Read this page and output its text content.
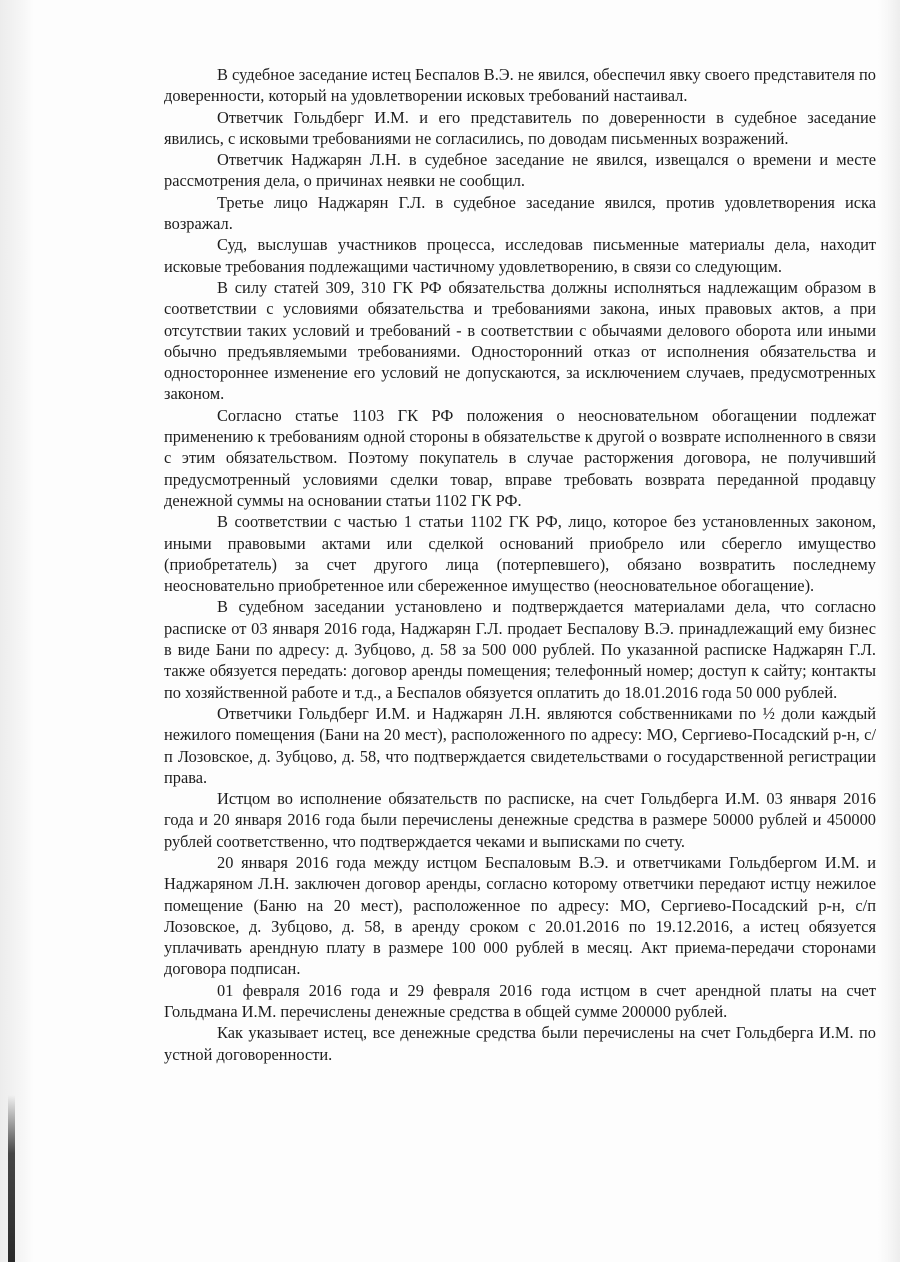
В судебное заседание истец Беспалов В.Э. не явился, обеспечил явку своего представителя по доверенности, который на удовлетворении исковых требований настаивал.

Ответчик Гольдберг И.М. и его представитель по доверенности в судебное заседание явились, с исковыми требованиями не согласились, по доводам письменных возражений.

Ответчик Наджарян Л.Н. в судебное заседание не явился, извещался о времени и месте рассмотрения дела, о причинах неявки не сообщил.

Третье лицо Наджарян Г.Л. в судебное заседание явился, против удовлетворения иска возражал.

Суд, выслушав участников процесса, исследовав письменные материалы дела, находит исковые требования подлежащими частичному удовлетворению, в связи со следующим.

В силу статей 309, 310 ГК РФ обязательства должны исполняться надлежащим образом в соответствии с условиями обязательства и требованиями закона, иных правовых актов, а при отсутствии таких условий и требований - в соответствии с обычаями делового оборота или иными обычно предъявляемыми требованиями. Односторонний отказ от исполнения обязательства и одностороннее изменение его условий не допускаются, за исключением случаев, предусмотренных законом.

Согласно статье 1103 ГК РФ положения о неосновательном обогащении подлежат применению к требованиям одной стороны в обязательстве к другой о возврате исполненного в связи с этим обязательством. Поэтому покупатель в случае расторжения договора, не получивший предусмотренный условиями сделки товар, вправе требовать возврата переданной продавцу денежной суммы на основании статьи 1102 ГК РФ.

В соответствии с частью 1 статьи 1102 ГК РФ, лицо, которое без установленных законом, иными правовыми актами или сделкой оснований приобрело или сберегло имущество (приобретатель) за счет другого лица (потерпевшего), обязано возвратить последнему неосновательно приобретенное или сбереженное имущество (неосновательное обогащение).

В судебном заседании установлено и подтверждается материалами дела, что согласно расписке от 03 января 2016 года, Наджарян Г.Л. продает Беспалову В.Э. принадлежащий ему бизнес в виде Бани по адресу: д. Зубцово, д. 58 за 500 000 рублей. По указанной расписке Наджарян Г.Л. также обязуется передать: договор аренды помещения; телефонный номер; доступ к сайту; контакты по хозяйственной работе и т.д., а Беспалов обязуется оплатить до 18.01.2016 года 50 000 рублей.

Ответчики Гольдберг И.М. и Наджарян Л.Н. являются собственниками по ½ доли каждый нежилого помещения (Бани на 20 мест), расположенного по адресу: МО, Сергиево-Посадский р-н, с/п Лозовское, д. Зубцово, д. 58, что подтверждается свидетельствами о государственной регистрации права.

Истцом во исполнение обязательств по расписке, на счет Гольдберга И.М. 03 января 2016 года и 20 января 2016 года были перечислены денежные средства в размере 50000 рублей и 450000 рублей соответственно, что подтверждается чеками и выписками по счету.

20 января 2016 года между истцом Беспаловым В.Э. и ответчиками Гольдбергом И.М. и Наджаряном Л.Н. заключен договор аренды, согласно которому ответчики передают истцу нежилое помещение (Баню на 20 мест), расположенное по адресу: МО, Сергиево-Посадский р-н, с/п Лозовское, д. Зубцово, д. 58, в аренду сроком с 20.01.2016 по 19.12.2016, а истец обязуется уплачивать арендную плату в размере 100 000 рублей в месяц. Акт приема-передачи сторонами договора подписан.

01 февраля 2016 года и 29 февраля 2016 года истцом в счет арендной платы на счет Гольдмана И.М. перечислены денежные средства в общей сумме 200000 рублей.

Как указывает истец, все денежные средства были перечислены на счет Гольдберга И.М. по устной договоренности.
